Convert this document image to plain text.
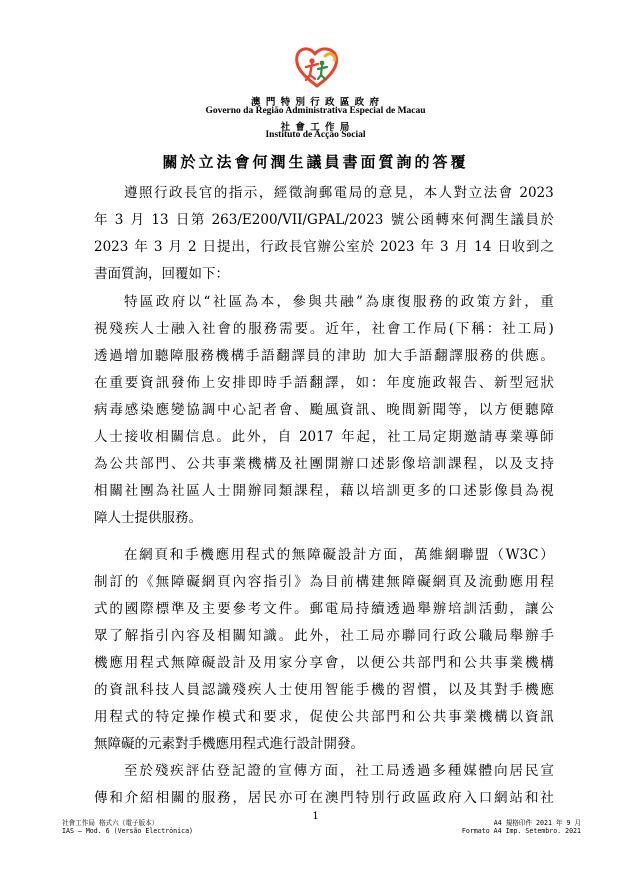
澳 門 特 別 行 政 區 政 府
Governo da Região Administrativa Especial de Macau
社 會 工 作 局
Instituto de Acção Social
關於立法會何潤生議員書面質詢的答覆
遵 照 行 政 長 官 的 指 示 ， 經 徵 詢 郵 電 局 的 意 見 ， 本 人 對 立 法 會
2023
年
3
月
13
日 第
263/E200/VII/GPAL/2023
號 公 函 轉 來 何 潤 生 議 員 於
2023
年
3
月
2
日 提 出 ， 行 政 長 官 辦 公 室 於
2023
年
3
月
14
日 收 到 之
書面質詢，回覆如下：
特 區 政 府 以 “ 社 區 為 本 ， 參 與 共 融 ” 為 康 復 服 務 的 政 策 方 針 ， 重
視 殘 疾 人 士 融 入 社 會 的 服 務 需 要 。 近 年 ， 社 會 工 作 局 ( 下 稱 ： 社 工 局 )
透 過 增 加 聽 障 服 務 機 構 手 語 翻 譯 員 的 津 助
加 大 手 語 翻 譯 服 務 的 供 應 。
在 重 要 資 訊 發 佈 上 安 排 即 時 手 語 翻 譯 ， 如 ： 年 度 施 政 報 告 、 新 型 冠 狀
病 毒 感 染 應 變 協 調 中 心 記 者 會 、 颱 風 資 訊 、 晚 間 新 聞 等 ， 以 方 便 聽 障
人 士 接 收 相 關 信 息 。 此 外 ， 自
2017
年 起 ， 社 工 局 定 期 邀 請 專 業 導 師
為 公 共 部 門 、 公 共 事 業 機 構 及 社 團 開 辦 口 述 影 像 培 訓 課 程 ， 以 及 支 持
相 關 社 團 為 社 區 人 士 開 辦 同 類 課 程 ， 藉 以 培 訓 更 多 的 口 述 影 像 員 為 視
障人士提供服務。
在 網 頁 和 手 機 應 用 程 式 的 無 障 礙 設 計 方 面 ， 萬 維 網 聯 盟 （ W3C ）
制 訂 的 《 無 障 礙 網 頁 內 容 指 引 》 為 目 前 構 建 無 障 礙 網 頁 及 流 動 應 用 程
式 的 國 際 標 準 及 主 要 參 考 文 件 。 郵 電 局 持 續 透 過 舉 辦 培 訓 活 動 ， 讓 公
眾 了 解 指 引 內 容 及 相 關 知 識 。 此 外 ， 社 工 局 亦 聯 同 行 政 公 職 局 舉 辦 手
機 應 用 程 式 無 障 礙 設 計 及 用 家 分 享 會 ， 以 便 公 共 部 門 和 公 共 事 業 機 構
的 資 訊 科 技 人 員 認 識 殘 疾 人 士 使 用 智 能 手 機 的 習 慣 ， 以 及 其 對 手 機 應
用 程 式 的 特 定 操 作 模 式 和 要 求 ， 促 使 公 共 部 門 和 公 共 事 業 機 構 以 資 訊
無障礙的元素對手機應用程式進行設計開發。
至 於 殘 疾 評 估 登 記 證 的 宣 傳 方 面 ， 社 工 局 透 過 多 種 媒 體 向 居 民 宣
傳 和 介 紹 相 關 的 服 務 ， 居 民 亦 可 在 澳 門 特 別 行 政 區 政 府 入 口 網 站 和 社
1
社會工作局 格式六（電子版本）
IAS – Mod. 6 (Versão Electrónica)
A4 規格印件 2021 年 9 月
Formato A4 Imp. Setembro. 2021
